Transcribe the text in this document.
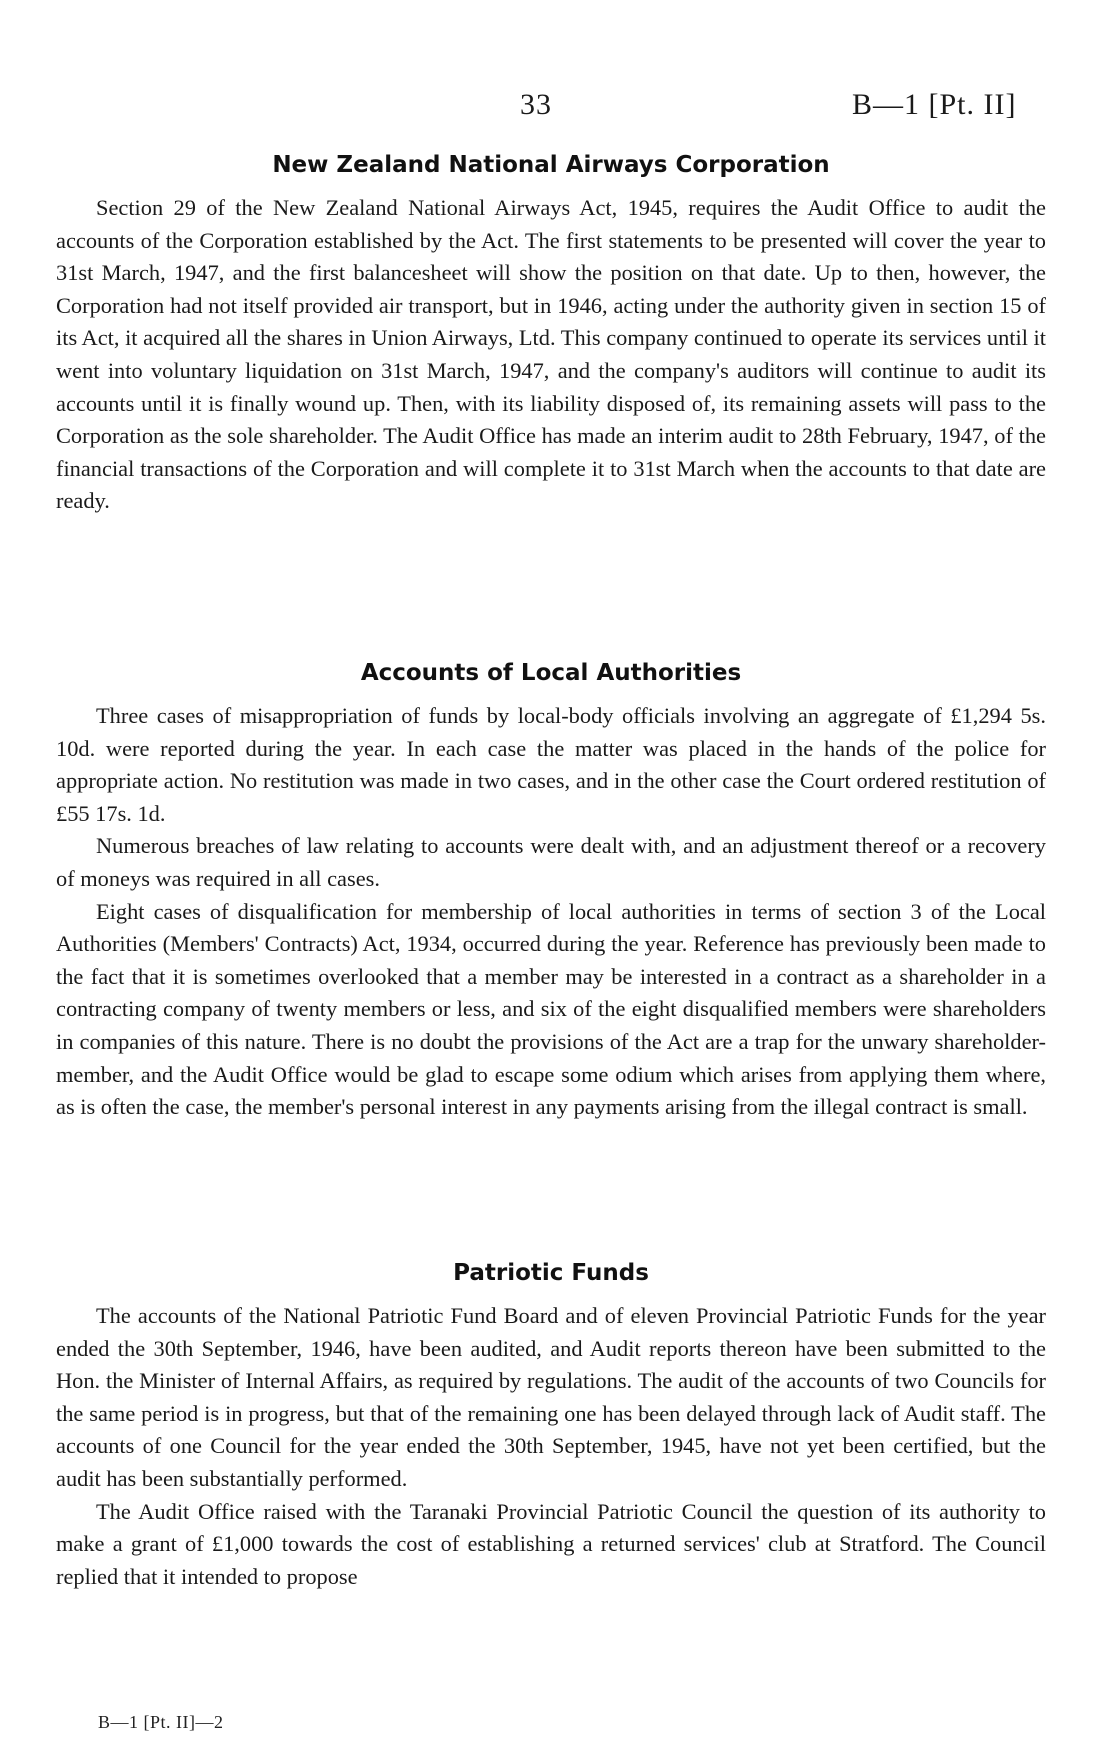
33	B—1 [Pt. II]
New Zealand National Airways Corporation

Section 29 of the New Zealand National Airways Act, 1945, requires the Audit Office to audit the accounts of the Corporation established by the Act. The first statements to be presented will cover the year to 31st March, 1947, and the first balancesheet will show the position on that date. Up to then, however, the Corporation had not itself provided air transport, but in 1946, acting under the authority given in section 15 of its Act, it acquired all the shares in Union Airways, Ltd. This company continued to operate its services until it went into voluntary liquidation on 31st March, 1947, and the company's auditors will continue to audit its accounts until it is finally wound up. Then, with its liability disposed of, its remaining assets will pass to the Corporation as the sole shareholder. The Audit Office has made an interim audit to 28th February, 1947, of the financial transactions of the Corporation and will complete it to 31st March when the accounts to that date are ready.

Accounts of Local Authorities

Three cases of misappropriation of funds by local-body officials involving an aggregate of £1,294 5s. 10d. were reported during the year. In each case the matter was placed in the hands of the police for appropriate action. No restitution was made in two cases, and in the other case the Court ordered restitution of £55 17s. 1d.

Numerous breaches of law relating to accounts were dealt with, and an adjustment thereof or a recovery of moneys was required in all cases.

Eight cases of disqualification for membership of local authorities in terms of section 3 of the Local Authorities (Members' Contracts) Act, 1934, occurred during the year. Reference has previously been made to the fact that it is sometimes overlooked that a member may be interested in a contract as a shareholder in a contracting company of twenty members or less, and six of the eight disqualified members were shareholders in companies of this nature. There is no doubt the provisions of the Act are a trap for the unwary shareholder-member, and the Audit Office would be glad to escape some odium which arises from applying them where, as is often the case, the member's personal interest in any payments arising from the illegal contract is small.

Patriotic Funds

The accounts of the National Patriotic Fund Board and of eleven Provincial Patriotic Funds for the year ended the 30th September, 1946, have been audited, and Audit reports thereon have been submitted to the Hon. the Minister of Internal Affairs, as required by regulations. The audit of the accounts of two Councils for the same period is in progress, but that of the remaining one has been delayed through lack of Audit staff. The accounts of one Council for the year ended the 30th September, 1945, have not yet been certified, but the audit has been substantially performed.

The Audit Office raised with the Taranaki Provincial Patriotic Council the question of its authority to make a grant of £1,000 towards the cost of establishing a returned services' club at Stratford. The Council replied that it intended to propose

B—1 [Pt. II]—2
